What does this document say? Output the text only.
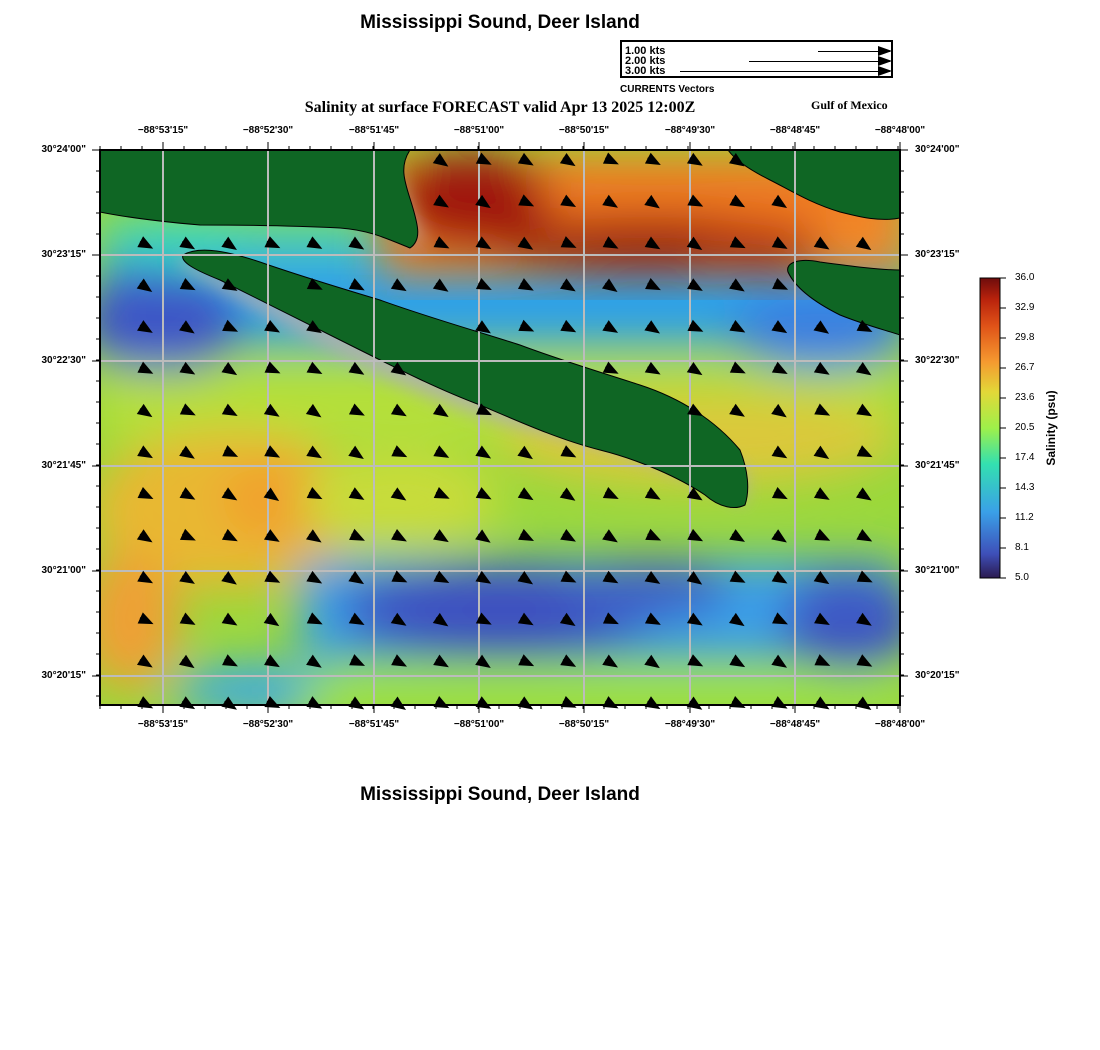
Mississippi Sound, Deer Island
1.00 kts
2.00 kts
3.00 kts
CURRENTS Vectors
Salinity at surface FORECAST valid Apr 13 2025 12:00Z	Gulf of Mexico
−88°53'15"
−88°53'15"
−88°52'30"
−88°52'30"
−88°51'45"
−88°51'45"
−88°51'00"
−88°51'00"
−88°50'15"
−88°50'15"
−88°49'30"
−88°49'30"
−88°48'45"
−88°48'45"
−88°48'00"
−88°48'00"
30°24'00"	30°24'00"
30°23'15"	30°23'15"
30°22'30"	30°22'30"
30°21'45"	30°21'45"
30°21'00"	30°21'00"
30°20'15"	30°20'15"
36.0
32.9
29.8
26.7
23.6
20.5
17.4
14.3
11.2
8.1
5.0
Salinity (psu)
Mississippi Sound, Deer Island
